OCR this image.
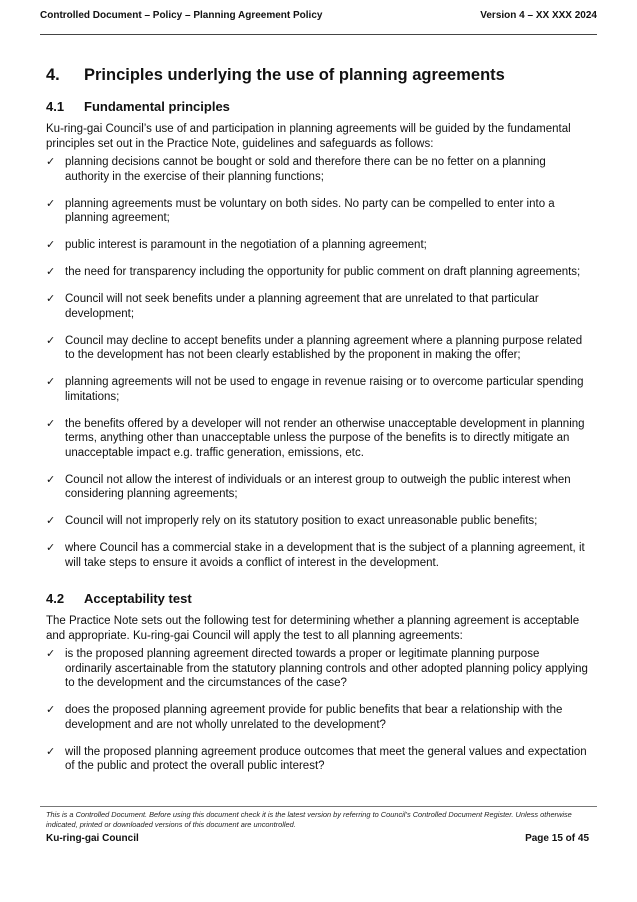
Controlled Document – Policy – Planning Agreement Policy	Version 4 – XX XXX 2024
4.	Principles underlying the use of planning agreements
4.1	Fundamental principles

Ku-ring-gai Council’s use of and participation in planning agreements will be guided by the fundamental principles set out in the Practice Note, guidelines and safeguards as follows:

✓ planning decisions cannot be bought or sold and therefore there can be no fetter on a planning authority in the exercise of their planning functions;
✓ planning agreements must be voluntary on both sides. No party can be compelled to enter into a planning agreement;
✓ public interest is paramount in the negotiation of a planning agreement;
✓ the need for transparency including the opportunity for public comment on draft planning agreements;
✓ Council will not seek benefits under a planning agreement that are unrelated to that particular development;
✓ Council may decline to accept benefits under a planning agreement where a planning purpose related to the development has not been clearly established by the proponent in making the offer;
✓ planning agreements will not be used to engage in revenue raising or to overcome particular spending limitations;
✓ the benefits offered by a developer will not render an otherwise unacceptable development in planning terms, anything other than unacceptable unless the purpose of the benefits is to directly mitigate an unacceptable impact e.g. traffic generation, emissions, etc.
✓ Council not allow the interest of individuals or an interest group to outweigh the public interest when considering planning agreements;
✓ Council will not improperly rely on its statutory position to exact unreasonable public benefits;
✓ where Council has a commercial stake in a development that is the subject of a planning agreement, it will take steps to ensure it avoids a conflict of interest in the development.
4.2	Acceptability test

The Practice Note sets out the following test for determining whether a planning agreement is acceptable and appropriate. Ku-ring-gai Council will apply the test to all planning agreements:

✓ is the proposed planning agreement directed towards a proper or legitimate planning purpose ordinarily ascertainable from the statutory planning controls and other adopted planning policy applying to the development and the circumstances of the case?
✓ does the proposed planning agreement provide for public benefits that bear a relationship with the development and are not wholly unrelated to the development?
✓ will the proposed planning agreement produce outcomes that meet the general values and expectation of the public and protect the overall public interest?
This is a Controlled Document. Before using this document check it is the latest version by referring to Council’s Controlled Document Register. Unless otherwise indicated, printed or downloaded versions of this document are uncontrolled.
Ku-ring-gai Council	Page 15 of 45
